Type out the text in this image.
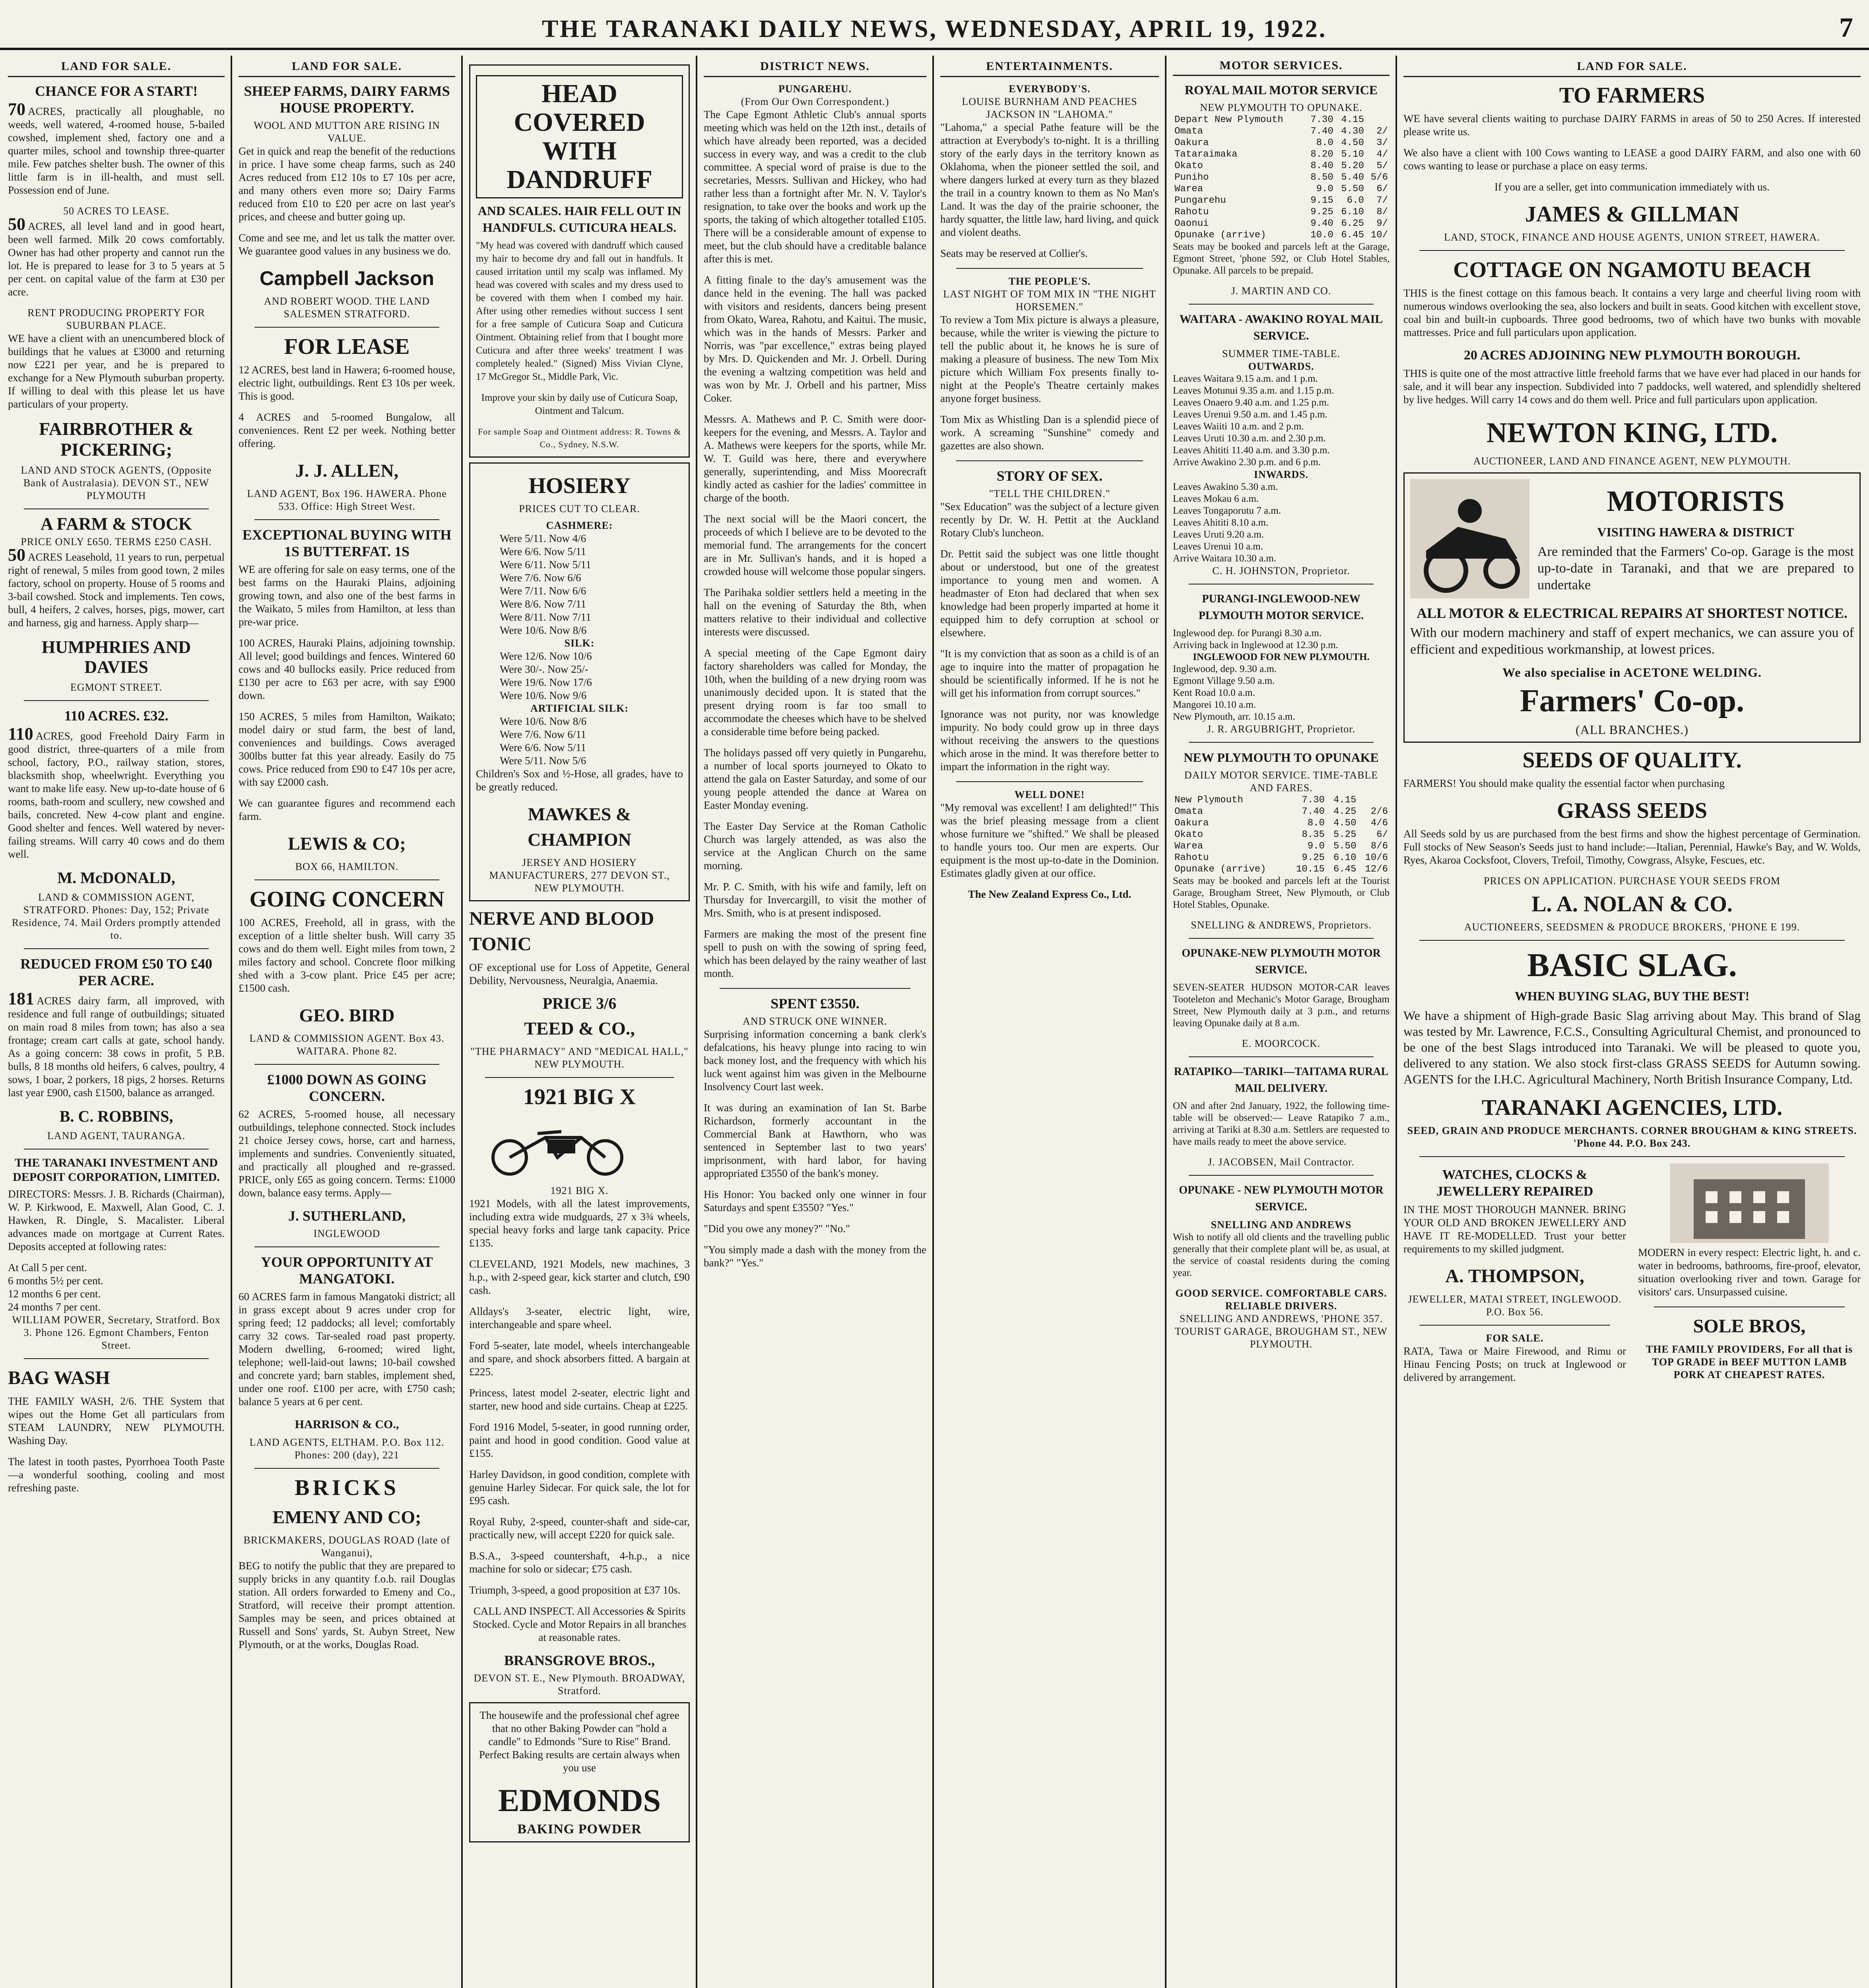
THE TARANAKI DAILY NEWS, WEDNESDAY, APRIL 19, 1922.	7
LAND FOR SALE.
CHANCE FOR A START!
70 ACRES, practically all ploughable, no weeds, well watered, 4-roomed house, 5-bailed cowshed, implement shed, factory one and a quarter miles, school and township three-quarter mile. Few patches shelter bush. The owner of this little farm is in ill-health, and must sell. Possession end of June.
50 ACRES TO LEASE.
50 ACRES, all level land and in good heart, been well farmed. Milk 20 cows comfortably. Owner has had other property and cannot run the lot. He is prepared to lease for 3 to 5 years at 5 per cent. on capital value of the farm at £30 per acre.
RENT PRODUCING PROPERTY FOR SUBURBAN PLACE.
WE have a client with an unencumbered block of buildings that he values at £3000 and returning now £221 per year, and he is prepared to exchange for a New Plymouth suburban property. If willing to deal with this please let us have particulars of your property.
FAIRBROTHER & PICKERING;
LAND AND STOCK AGENTS, (Opposite Bank of Australasia). DEVON ST., NEW PLYMOUTH
A FARM & STOCK
PRICE ONLY £650. TERMS £250 CASH.
50 ACRES Leasehold, 11 years to run, perpetual right of renewal, 5 miles from good town, 2 miles factory, school on property. House of 5 rooms and 3-bail cowshed. Stock and implements. Ten cows, bull, 4 heifers, 2 calves, horses, pigs, mower, cart and harness, gig and harness. Apply sharp—
HUMPHRIES AND DAVIES
EGMONT STREET.
110 ACRES. £32.
110 ACRES, good Freehold Dairy Farm in good district, three-quarters of a mile from school, factory, P.O., railway station, stores, blacksmith shop, wheelwright. Everything you want to make life easy. New up-to-date house of 6 rooms, bath-room and scullery, new cowshed and bails, concreted. New 4-cow plant and engine. Good shelter and fences. Well watered by never-failing streams. Will carry 40 cows and do them well.
M. McDONALD,
LAND & COMMISSION AGENT, STRATFORD. Phones: Day, 152; Private Residence, 74. Mail Orders promptly attended to.
REDUCED FROM £50 TO £40 PER ACRE.
181 ACRES dairy farm, all improved, with residence and full range of outbuildings; situated on main road 8 miles from town; has also a sea frontage; cream cart calls at gate, school handy. As a going concern: 38 cows in profit, 5 P.B. bulls, 8 18 months old heifers, 6 calves, poultry, 4 sows, 1 boar, 2 porkers, 18 pigs, 2 horses. Returns last year £900, cash £1500, balance as arranged.
B. C. ROBBINS,
LAND AGENT, TAURANGA.
THE TARANAKI INVESTMENT AND DEPOSIT CORPORATION, LIMITED.
DIRECTORS: Messrs. J. B. Richards (Chairman), W. P. Kirkwood, E. Maxwell, Alan Good, C. J. Hawken, R. Dingle, S. Macalister. Liberal advances made on mortgage at Current Rates. Deposits accepted at following rates:
At Call 5 per cent.
6 months 5½ per cent.
12 months 6 per cent.
24 months 7 per cent.
WILLIAM POWER, Secretary, Stratford. Box 3. Phone 126. Egmont Chambers, Fenton Street.
BAG WASH
THE FAMILY WASH, 2/6. THE System that wipes out the Home Get all particulars from STEAM LAUNDRY, NEW PLYMOUTH. Washing Day.
The latest in tooth pastes, Pyorrhoea Tooth Paste—a wonderful soothing, cooling and most refreshing paste.
LAND FOR SALE.
SHEEP FARMS, DAIRY FARMS HOUSE PROPERTY.
WOOL AND MUTTON ARE RISING IN VALUE.
Get in quick and reap the benefit of the reductions in price. I have some cheap farms, such as 240 Acres reduced from £12 10s to £7 10s per acre, and many others even more so; Dairy Farms reduced from £10 to £20 per acre on last year's prices, and cheese and butter going up.
Come and see me, and let us talk the matter over. We guarantee good values in any business we do.
Campbell Jackson
AND ROBERT WOOD. THE LAND SALESMEN STRATFORD.
FOR LEASE
12 ACRES, best land in Hawera; 6-roomed house, electric light, outbuildings. Rent £3 10s per week. This is good.
4 ACRES and 5-roomed Bungalow, all conveniences. Rent £2 per week. Nothing better offering.
J. J. ALLEN,
LAND AGENT, Box 196. HAWERA. Phone 533. Office: High Street West.
EXCEPTIONAL BUYING WITH 1S BUTTERFAT. 1S
WE are offering for sale on easy terms, one of the best farms on the Hauraki Plains, adjoining growing town, and also one of the best farms in the Waikato, 5 miles from Hamilton, at less than pre-war price.
100 ACRES, Hauraki Plains, adjoining township. All level; good buildings and fences. Wintered 60 cows and 40 bullocks easily. Price reduced from £130 per acre to £63 per acre, with say £900 down.
150 ACRES, 5 miles from Hamilton, Waikato; model dairy or stud farm, the best of land, conveniences and buildings. Cows averaged 300lbs butter fat this year already. Easily do 75 cows. Price reduced from £90 to £47 10s per acre, with say £2000 cash.
We can guarantee figures and recommend each farm.
LEWIS & CO;
BOX 66, HAMILTON.
GOING CONCERN
100 ACRES, Freehold, all in grass, with the exception of a little shelter bush. Will carry 35 cows and do them well. Eight miles from town, 2 miles factory and school. Concrete floor milking shed with a 3-cow plant. Price £45 per acre; £1500 cash.
GEO. BIRD
LAND & COMMISSION AGENT. Box 43. WAITARA. Phone 82.
£1000 DOWN AS GOING CONCERN.
62 ACRES, 5-roomed house, all necessary outbuildings, telephone connected. Stock includes 21 choice Jersey cows, horse, cart and harness, implements and sundries. Conveniently situated, and practically all ploughed and re-grassed. PRICE, only £65 as going concern. Terms: £1000 down, balance easy terms. Apply—
J. SUTHERLAND,
INGLEWOOD
YOUR OPPORTUNITY AT MANGATOKI.
60 ACRES farm in famous Mangatoki district; all in grass except about 9 acres under crop for spring feed; 12 paddocks; all level; comfortably carry 32 cows. Tar-sealed road past property. Modern dwelling, 6-roomed; wired light, telephone; well-laid-out lawns; 10-bail cowshed and concrete yard; barn stables, implement shed, under one roof. £100 per acre, with £750 cash; balance 5 years at 6 per cent.
HARRISON & CO.,
LAND AGENTS, ELTHAM. P.O. Box 112. Phones: 200 (day), 221
BRICKS
EMENY AND CO;
BRICKMAKERS, DOUGLAS ROAD (late of Wanganui),
BEG to notify the public that they are prepared to supply bricks in any quantity f.o.b. rail Douglas station. All orders forwarded to Emeny and Co., Stratford, will receive their prompt attention. Samples may be seen, and prices obtained at Russell and Sons' yards, St. Aubyn Street, New Plymouth, or at the works, Douglas Road.
HEAD COVERED WITH DANDRUFF
AND SCALES. HAIR FELL OUT IN HANDFULS. CUTICURA HEALS.
"My head was covered with dandruff which caused my hair to become dry and fall out in handfuls. It caused irritation until my scalp was inflamed. My head was covered with scales and my dress used to be covered with them when I combed my hair. After using other remedies without success I sent for a free sample of Cuticura Soap and Cuticura Ointment. Obtaining relief from that I bought more Cuticura and after three weeks' treatment I was completely healed." (Signed) Miss Vivian Clyne, 17 McGregor St., Middle Park, Vic.
Improve your skin by daily use of Cuticura Soap, Ointment and Talcum.
For sample Soap and Ointment address: R. Towns & Co., Sydney, N.S.W.
HOSIERY
PRICES CUT TO CLEAR.
CASHMERE:
Were 5/11. Now 4/6
Were 6/6. Now 5/11
Were 6/11. Now 5/11
Were 7/6. Now 6/6
Were 7/11. Now 6/6
Were 8/6. Now 7/11
Were 8/11. Now 7/11
Were 10/6. Now 8/6
SILK:
Were 12/6. Now 10/6
Were 30/-. Now 25/-
Were 19/6. Now 17/6
Were 10/6. Now 9/6
ARTIFICIAL SILK:
Were 10/6. Now 8/6
Were 7/6. Now 6/11
Were 6/6. Now 5/11
Were 5/11. Now 5/6
Children's Sox and ½-Hose, all grades, have to be greatly reduced.
MAWKES & CHAMPION
JERSEY AND HOSIERY MANUFACTURERS, 277 DEVON ST., NEW PLYMOUTH.
NERVE AND BLOOD TONIC
OF exceptional use for Loss of Appetite, General Debility, Nervousness, Neuralgia, Anaemia.
PRICE 3/6
TEED & CO.,
"THE PHARMACY" AND "MEDICAL HALL," NEW PLYMOUTH.
1921 BIG X
1921 BIG X.
1921 Models, with all the latest improvements, including extra wide mudguards, 27 x 3¾ wheels, special heavy forks and large tank capacity. Price £135.
CLEVELAND, 1921 Models, new machines, 3 h.p., with 2-speed gear, kick starter and clutch, £90 cash.
Alldays's 3-seater, electric light, wire, interchangeable and spare wheel.
Ford 5-seater, late model, wheels interchangeable and spare, and shock absorbers fitted. A bargain at £225.
Princess, latest model 2-seater, electric light and starter, new hood and side curtains. Cheap at £225.
Ford 1916 Model, 5-seater, in good running order, paint and hood in good condition. Good value at £155.
Harley Davidson, in good condition, complete with genuine Harley Sidecar. For quick sale, the lot for £95 cash.
Royal Ruby, 2-speed, counter-shaft and side-car, practically new, will accept £220 for quick sale.
B.S.A., 3-speed countershaft, 4-h.p., a nice machine for solo or sidecar; £75 cash.
Triumph, 3-speed, a good proposition at £37 10s.
CALL AND INSPECT. All Accessories & Spirits Stocked. Cycle and Motor Repairs in all branches at reasonable rates.
BRANSGROVE BROS.,
DEVON ST. E., New Plymouth. BROADWAY, Stratford.
The housewife and the professional chef agree that no other Baking Powder can "hold a candle" to Edmonds "Sure to Rise" Brand. Perfect Baking results are certain always when you use
EDMONDS
BAKING POWDER
DISTRICT NEWS.
PUNGAREHU.
(From Our Own Correspondent.)
The Cape Egmont Athletic Club's annual sports meeting which was held on the 12th inst., details of which have already been reported, was a decided success in every way, and was a credit to the club committee. A special word of praise is due to the secretaries, Messrs. Sullivan and Hickey, who had rather less than a fortnight after Mr. N. V. Taylor's resignation, to take over the books and work up the sports, the taking of which altogether totalled £105. There will be a considerable amount of expense to meet, but the club should have a creditable balance after this is met.
A fitting finale to the day's amusement was the dance held in the evening. The hall was packed with visitors and residents, dancers being present from Okato, Warea, Rahotu, and Kaitui. The music, which was in the hands of Messrs. Parker and Norris, was "par excellence," extras being played by Mrs. D. Quickenden and Mr. J. Orbell. During the evening a waltzing competition was held and was won by Mr. J. Orbell and his partner, Miss Coker.
Messrs. A. Mathews and P. C. Smith were door-keepers for the evening, and Messrs. A. Taylor and A. Mathews were keepers for the sports, while Mr. W. T. Guild was here, there and everywhere generally, superintending, and Miss Moorecraft kindly acted as cashier for the ladies' committee in charge of the booth.
The next social will be the Maori concert, the proceeds of which I believe are to be devoted to the memorial fund. The arrangements for the concert are in Mr. Sullivan's hands, and it is hoped a crowded house will welcome those popular singers.
The Parihaka soldier settlers held a meeting in the hall on the evening of Saturday the 8th, when matters relative to their individual and collective interests were discussed.
A special meeting of the Cape Egmont dairy factory shareholders was called for Monday, the 10th, when the building of a new drying room was unanimously decided upon. It is stated that the present drying room is far too small to accommodate the cheeses which have to be shelved a considerable time before being packed.
The holidays passed off very quietly in Pungarehu, a number of local sports journeyed to Okato to attend the gala on Easter Saturday, and some of our young people attended the dance at Warea on Easter Monday evening.
The Easter Day Service at the Roman Catholic Church was largely attended, as was also the service at the Anglican Church on the same morning.
Mr. P. C. Smith, with his wife and family, left on Thursday for Invercargill, to visit the mother of Mrs. Smith, who is at present indisposed.
Farmers are making the most of the present fine spell to push on with the sowing of spring feed, which has been delayed by the rainy weather of last month.
SPENT £3550.
AND STRUCK ONE WINNER.
Surprising information concerning a bank clerk's defalcations, his heavy plunge into racing to win back money lost, and the frequency with which his luck went against him was given in the Melbourne Insolvency Court last week.
It was during an examination of Ian St. Barbe Richardson, formerly accountant in the Commercial Bank at Hawthorn, who was sentenced in September last to two years' imprisonment, with hard labor, for having appropriated £3550 of the bank's money.
His Honor: You backed only one winner in four Saturdays and spent £3550? "Yes."
"Did you owe any money?" "No."
"You simply made a dash with the money from the bank?" "Yes."
ENTERTAINMENTS.
EVERYBODY'S.
LOUISE BURNHAM AND PEACHES JACKSON IN "LAHOMA."
"Lahoma," a special Pathe feature will be the attraction at Everybody's to-night. It is a thrilling story of the early days in the territory known as Oklahoma, when the pioneer settled the soil, and where dangers lurked at every turn as they blazed the trail in a country known to them as No Man's Land. It was the day of the prairie schooner, the hardy squatter, the little law, hard living, and quick and violent deaths.
Seats may be reserved at Collier's.
THE PEOPLE'S.
LAST NIGHT OF TOM MIX IN "THE NIGHT HORSEMEN."
To review a Tom Mix picture is always a pleasure, because, while the writer is viewing the picture to tell the public about it, he knows he is sure of making a pleasure of business. The new Tom Mix picture which William Fox presents finally to-night at the People's Theatre certainly makes anyone forget business.
Tom Mix as Whistling Dan is a splendid piece of work. A screaming "Sunshine" comedy and gazettes are also shown.
STORY OF SEX.
"TELL THE CHILDREN."
"Sex Education" was the subject of a lecture given recently by Dr. W. H. Pettit at the Auckland Rotary Club's luncheon.
Dr. Pettit said the subject was one little thought about or understood, but one of the greatest importance to young men and women. A headmaster of Eton had declared that when sex knowledge had been properly imparted at home it equipped him to defy corruption at school or elsewhere.
"It is my conviction that as soon as a child is of an age to inquire into the matter of propagation he should be scientifically informed. If he is not he will get his information from corrupt sources."
Ignorance was not purity, nor was knowledge impurity. No body could grow up in three days without receiving the answers to the questions which arose in the mind. It was therefore better to impart the information in the right way.
WELL DONE!
"My removal was excellent! I am delighted!" This was the brief pleasing message from a client whose furniture we "shifted." We shall be pleased to handle yours too. Our men are experts. Our equipment is the most up-to-date in the Dominion. Estimates gladly given at our office.
The New Zealand Express Co., Ltd.
MOTOR SERVICES.
ROYAL MAIL MOTOR SERVICE
NEW PLYMOUTH TO OPUNAKE.
Depart New Plymouth	7.30	4.15	
Omata	7.40	4.30	2/
Oakura	8.0	4.50	3/
Tataraimaka	8.20	5.10	4/
Okato	8.40	5.20	5/
Puniho	8.50	5.40	5/6
Warea	9.0	5.50	6/
Pungarehu	9.15	6.0	7/
Rahotu	9.25	6.10	8/
Oaonui	9.40	6.25	9/
Opunake (arrive)	10.0	6.45	10/
Seats may be booked and parcels left at the Garage, Egmont Street, 'phone 592, or Club Hotel Stables, Opunake. All parcels to be prepaid.
J. MARTIN AND CO.
WAITARA - AWAKINO ROYAL MAIL SERVICE.
SUMMER TIME-TABLE.
OUTWARDS.
Leaves Waitara 9.15 a.m. and 1 p.m.
Leaves Motunui 9.35 a.m. and 1.15 p.m.
Leaves Onaero 9.40 a.m. and 1.25 p.m.
Leaves Urenui 9.50 a.m. and 1.45 p.m.
Leaves Waiiti 10 a.m. and 2 p.m.
Leaves Uruti 10.30 a.m. and 2.30 p.m.
Leaves Ahititi 11.40 a.m. and 3.30 p.m.
Arrive Awakino 2.30 p.m. and 6 p.m.
INWARDS.
Leaves Awakino 5.30 a.m.
Leaves Mokau 6 a.m.
Leaves Tongaporutu 7 a.m.
Leaves Ahititi 8.10 a.m.
Leaves Uruti 9.20 a.m.
Leaves Urenui 10 a.m.
Arrive Waitara 10.30 a.m.
C. H. JOHNSTON, Proprietor.
PURANGI-INGLEWOOD-NEW PLYMOUTH MOTOR SERVICE.
Inglewood dep. for Purangi 8.30 a.m.
Arriving back in Inglewood at 12.30 p.m.
INGLEWOOD FOR NEW PLYMOUTH.
Inglewood, dep. 9.30 a.m.
Egmont Village 9.50 a.m.
Kent Road 10.0 a.m.
Mangorei 10.10 a.m.
New Plymouth, arr. 10.15 a.m.
J. R. ARGUBRIGHT, Proprietor.
NEW PLYMOUTH TO OPUNAKE
DAILY MOTOR SERVICE. TIME-TABLE AND FARES.
New Plymouth	7.30	4.15	
Omata	7.40	4.25	2/6
Oakura	8.0	4.50	4/6
Okato	8.35	5.25	6/
Warea	9.0	5.50	8/6
Rahotu	9.25	6.10	10/6
Opunake (arrive)	10.15	6.45	12/6
Seats may be booked and parcels left at the Tourist Garage, Brougham Street, New Plymouth, or Club Hotel Stables, Opunake.
SNELLING & ANDREWS, Proprietors.
OPUNAKE-NEW PLYMOUTH MOTOR SERVICE.
SEVEN-SEATER HUDSON MOTOR-CAR leaves Tooteleton and Mechanic's Motor Garage, Brougham Street, New Plymouth daily at 3 p.m., and returns leaving Opunake daily at 8 a.m.
E. MOORCOCK.
RATAPIKO—TARIKI—TAITAMA RURAL MAIL DELIVERY.
ON and after 2nd January, 1922, the following time-table will be observed:— Leave Ratapiko 7 a.m., arriving at Tariki at 8.30 a.m. Settlers are requested to have mails ready to meet the above service.
J. JACOBSEN, Mail Contractor.
OPUNAKE - NEW PLYMOUTH MOTOR SERVICE.
SNELLING AND ANDREWS
Wish to notify all old clients and the travelling public generally that their complete plant will be, as usual, at the service of coastal residents during the coming year.
GOOD SERVICE. COMFORTABLE CARS. RELIABLE DRIVERS.
SNELLING AND ANDREWS, 'PHONE 357. TOURIST GARAGE, BROUGHAM ST., NEW PLYMOUTH.
LAND FOR SALE.
TO FARMERS
WE have several clients waiting to purchase DAIRY FARMS in areas of 50 to 250 Acres. If interested please write us.
We also have a client with 100 Cows wanting to LEASE a good DAIRY FARM, and also one with 60 cows wanting to lease or purchase a place on easy terms.
If you are a seller, get into communication immediately with us.
JAMES & GILLMAN
LAND, STOCK, FINANCE AND HOUSE AGENTS, UNION STREET, HAWERA.
COTTAGE ON NGAMOTU BEACH
THIS is the finest cottage on this famous beach. It contains a very large and cheerful living room with numerous windows overlooking the sea, also lockers and built in seats. Good kitchen with excellent stove, coal bin and built-in cupboards. Three good bedrooms, two of which have two bunks with movable mattresses. Price and full particulars upon application.
20 ACRES ADJOINING NEW PLYMOUTH BOROUGH.
THIS is quite one of the most attractive little freehold farms that we have ever had placed in our hands for sale, and it will bear any inspection. Subdivided into 7 paddocks, well watered, and splendidly sheltered by live hedges. Will carry 14 cows and do them well. Price and full particulars upon application.
NEWTON KING, LTD.
AUCTIONEER, LAND AND FINANCE AGENT, NEW PLYMOUTH.
MOTORISTS
VISITING HAWERA & DISTRICT
Are reminded that the Farmers' Co-op. Garage is the most up-to-date in Taranaki, and that we are prepared to undertake
ALL MOTOR & ELECTRICAL REPAIRS AT SHORTEST NOTICE.
With our modern machinery and staff of expert mechanics, we can assure you of efficient and expeditious workmanship, at lowest prices.
We also specialise in ACETONE WELDING.
Farmers' Co-op.
(ALL BRANCHES.)
SEEDS OF QUALITY.
FARMERS! You should make quality the essential factor when purchasing
GRASS SEEDS
All Seeds sold by us are purchased from the best firms and show the highest percentage of Germination. Full stocks of New Season's Seeds just to hand include:—Italian, Perennial, Hawke's Bay, and W. Wolds, Ryes, Akaroa Cocksfoot, Clovers, Trefoil, Timothy, Cowgrass, Alsyke, Fescues, etc.
PRICES ON APPLICATION. PURCHASE YOUR SEEDS FROM
L. A. NOLAN & CO.
AUCTIONEERS, SEEDSMEN & PRODUCE BROKERS, 'PHONE E 199.
BASIC SLAG.
WHEN BUYING SLAG, BUY THE BEST!
We have a shipment of High-grade Basic Slag arriving about May. This brand of Slag was tested by Mr. Lawrence, F.C.S., Consulting Agricultural Chemist, and pronounced to be one of the best Slags introduced into Taranaki. We will be pleased to quote you, delivered to any station. We also stock first-class GRASS SEEDS for Autumn sowing. AGENTS for the I.H.C. Agricultural Machinery, North British Insurance Company, Ltd.
TARANAKI AGENCIES, LTD.
SEED, GRAIN AND PRODUCE MERCHANTS. CORNER BROUGHAM & KING STREETS. 'Phone 44. P.O. Box 243.
WATCHES, CLOCKS & JEWELLERY REPAIRED
IN THE MOST THOROUGH MANNER. BRING YOUR OLD AND BROKEN JEWELLERY AND HAVE IT RE-MODELLED. Trust your better requirements to my skilled judgment.
A. THOMPSON,
JEWELLER, MATAI STREET, INGLEWOOD. P.O. Box 56.
FOR SALE.
RATA, Tawa or Maire Firewood, and Rimu or Hinau Fencing Posts; on truck at Inglewood or delivered by arrangement.
MODERN in every respect: Electric light, h. and c. water in bedrooms, bathrooms, fire-proof, elevator, situation overlooking river and town. Garage for visitors' cars. Unsurpassed cuisine.
SOLE BROS,
THE FAMILY PROVIDERS, For all that is TOP GRADE in BEEF MUTTON LAMB PORK AT CHEAPEST RATES.
